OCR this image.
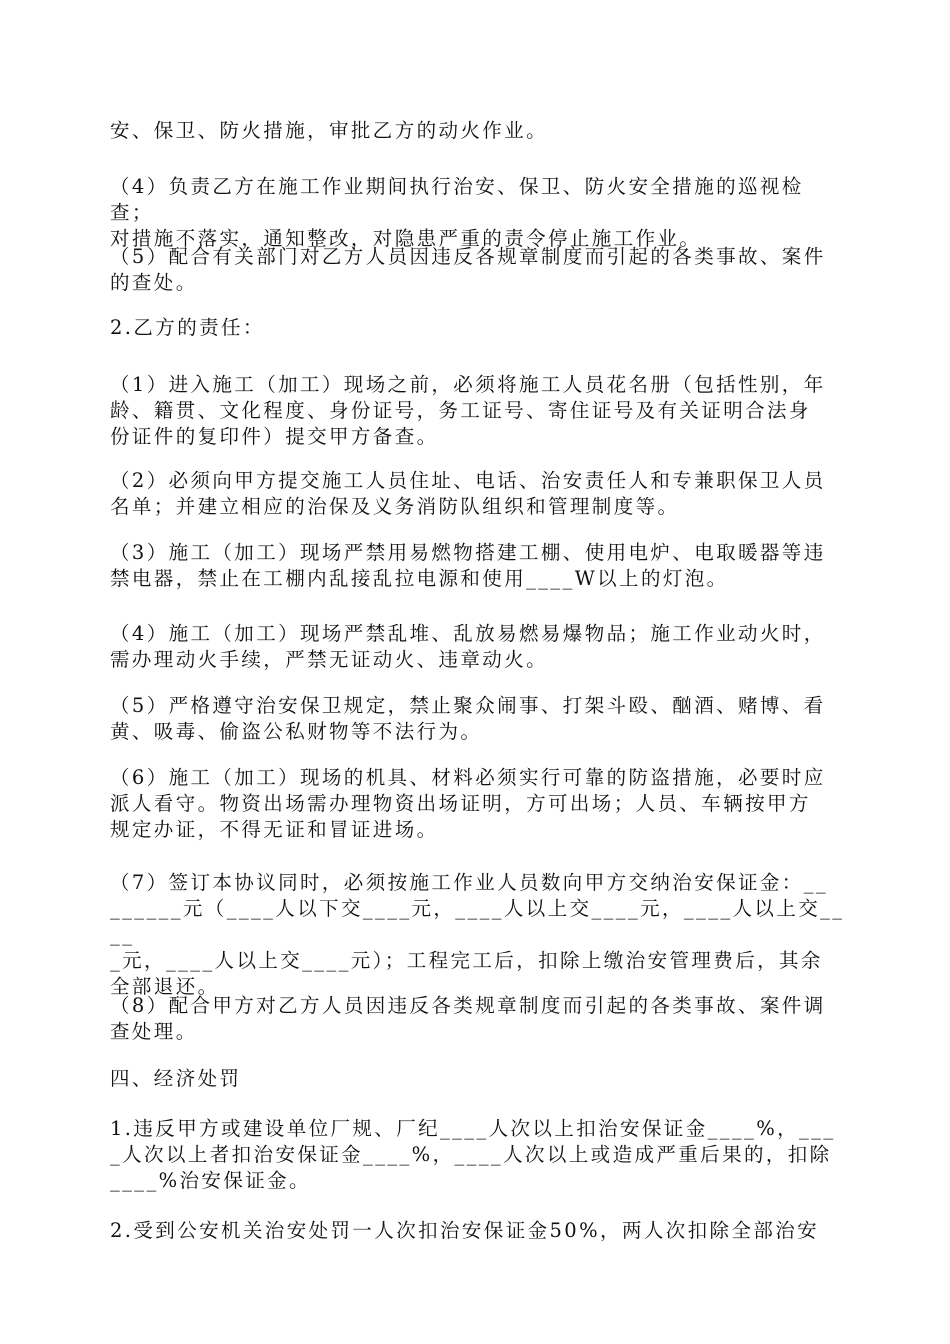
安、保卫、防火措施，审批乙方的动火作业。

（4）负责乙方在施工作业期间执行治安、保卫、防火安全措施的巡视检查；
对措施不落实，通知整改，对隐患严重的责令停止施工作业。

（5）配合有关部门对乙方人员因违反各规章制度而引起的各类事故、案件
的查处。

2.乙方的责任：

（1）进入施工（加工）现场之前，必须将施工人员花名册（包括性别，年
龄、籍贯、文化程度、身份证号，务工证号、寄住证号及有关证明合法身
份证件的复印件）提交甲方备查。

（2）必须向甲方提交施工人员住址、电话、治安责任人和专兼职保卫人员
名单；并建立相应的治保及义务消防队组织和管理制度等。

（3）施工（加工）现场严禁用易燃物搭建工棚、使用电炉、电取暖器等违
禁电器，禁止在工棚内乱接乱拉电源和使用____W以上的灯泡。

（4）施工（加工）现场严禁乱堆、乱放易燃易爆物品；施工作业动火时，
需办理动火手续，严禁无证动火、违章动火。

（5）严格遵守治安保卫规定，禁止聚众闹事、打架斗殴、酗酒、赌博、看
黄、吸毒、偷盗公私财物等不法行为。

（6）施工（加工）现场的机具、材料必须实行可靠的防盗措施，必要时应
派人看守。物资出场需办理物资出场证明，方可出场；人员、车辆按甲方
规定办证，不得无证和冒证进场。

（7）签订本协议同时，必须按施工作业人员数向甲方交纳治安保证金：__
______元（____人以下交____元，____人以上交____元，____人以上交____
_元，____人以上交____元）；工程完工后，扣除上缴治安管理费后，其余
全部退还。

（8）配合甲方对乙方人员因违反各类规章制度而引起的各类事故、案件调
查处理。

四、经济处罚

1.违反甲方或建设单位厂规、厂纪____人次以上扣治安保证金____%，___
_人次以上者扣治安保证金____%，____人次以上或造成严重后果的，扣除
____%治安保证金。

2.受到公安机关治安处罚一人次扣治安保证金50%，两人次扣除全部治安
